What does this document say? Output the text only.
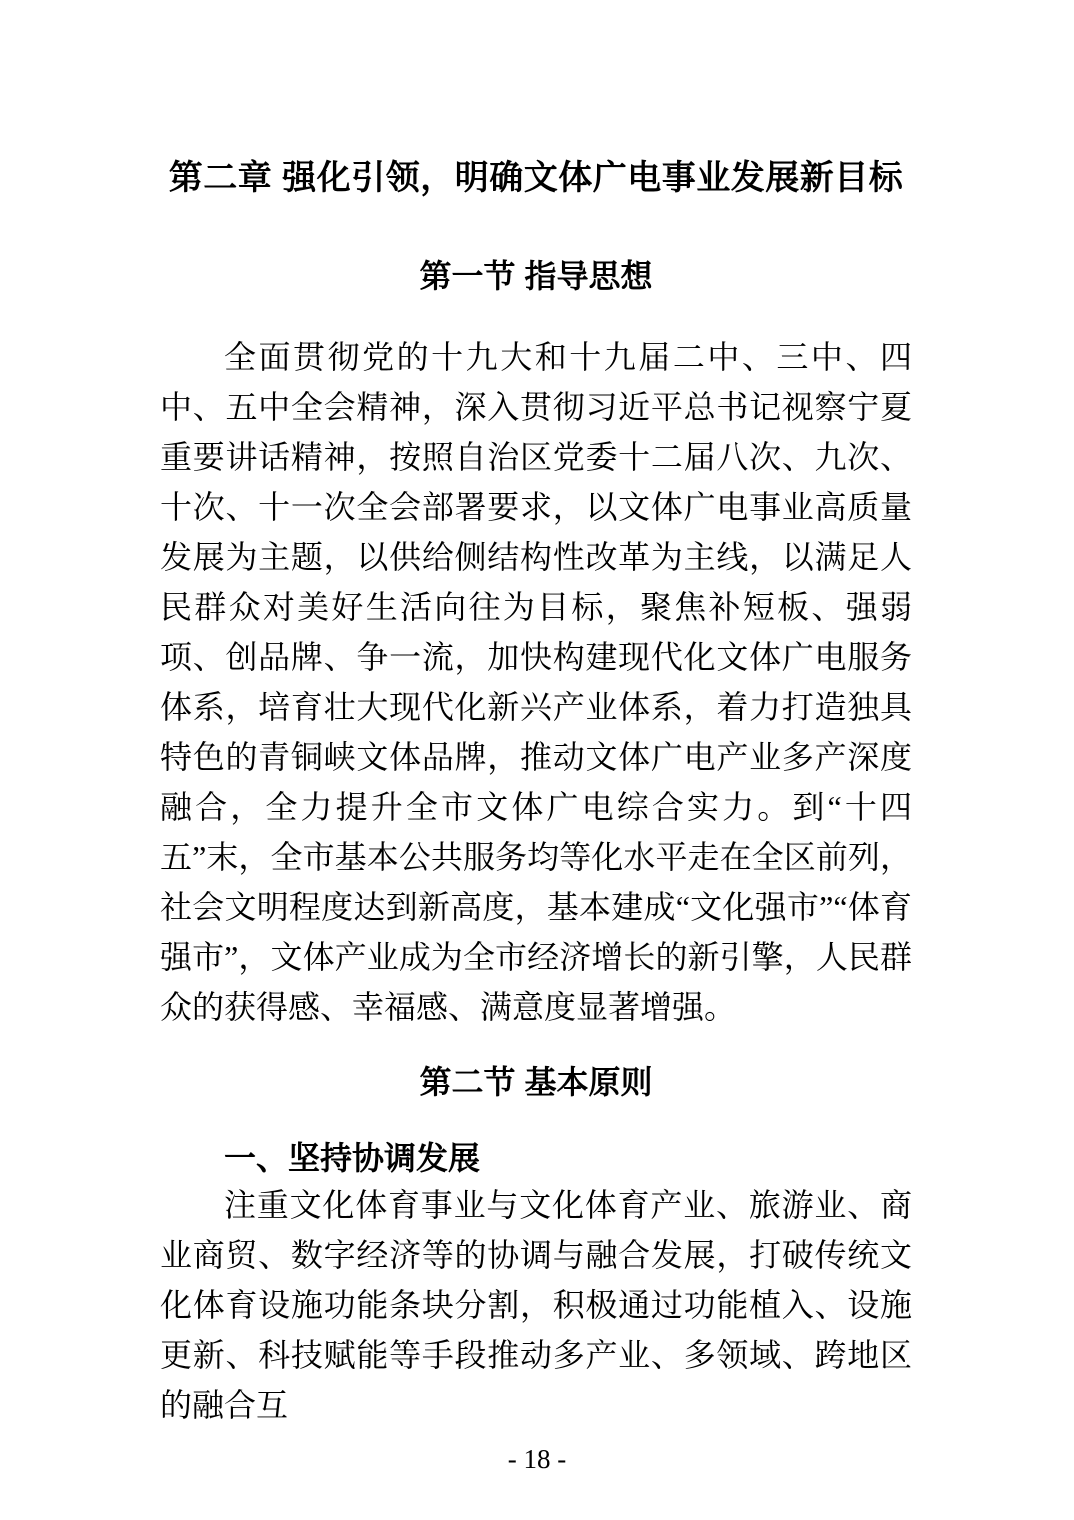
第二章 强化引领，明确文体广电事业发展新目标
第一节 指导思想

全面贯彻党的十九大和十九届二中、三中、四中、五中全会精神，深入贯彻习近平总书记视察宁夏重要讲话精神，按照自治区党委十二届八次、九次、十次、十一次全会部署要求，以文体广电事业高质量发展为主题，以供给侧结构性改革为主线，以满足人民群众对美好生活向往为目标，聚焦补短板、强弱项、创品牌、争一流，加快构建现代化文体广电服务体系，培育壮大现代化新兴产业体系，着力打造独具特色的青铜峡文体品牌，推动文体广电产业多产深度融合，全力提升全市文体广电综合实力。到“十四五”末，全市基本公共服务均等化水平走在全区前列，社会文明程度达到新高度，基本建成“文化强市”“体育强市”，文体产业成为全市经济增长的新引擎，人民群众的获得感、幸福感、满意度显著增强。

第二节 基本原则
一、坚持协调发展

注重文化体育事业与文化体育产业、旅游业、商业商贸、数字经济等的协调与融合发展，打破传统文化体育设施功能条块分割，积极通过功能植入、设施更新、科技赋能等手段推动多产业、多领域、跨地区的融合互

- 18 -
